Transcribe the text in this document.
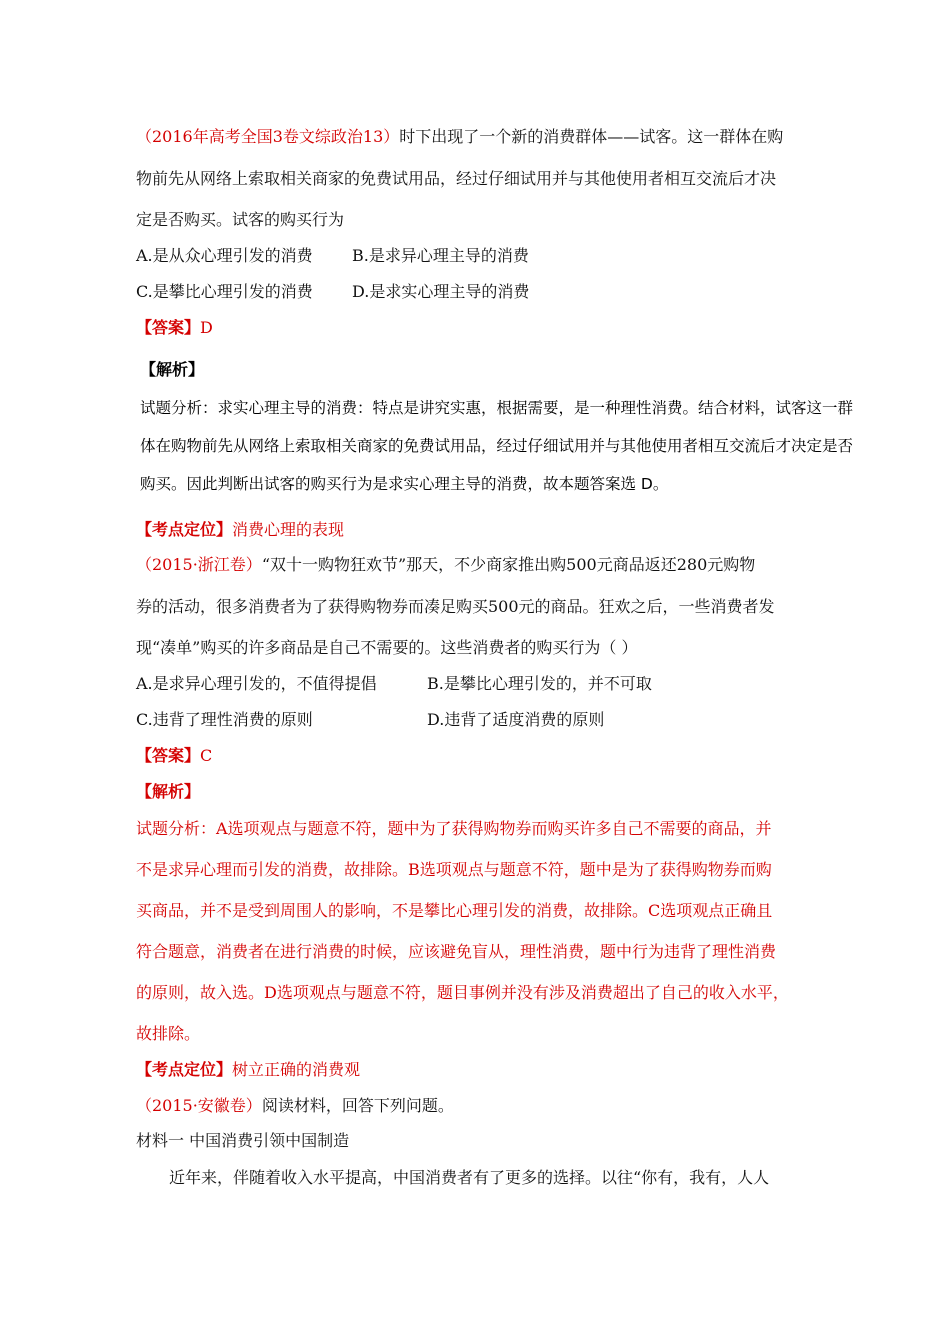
（2016年高考全国3卷文综政治13）时下出现了一个新的消费群体——试客。这一群体在购
物前先从网络上索取相关商家的免费试用品，经过仔细试用并与其他使用者相互交流后才决
定是否购买。试客的购买行为
A.是从众心理引发的消费 B.是求异心理主导的消费
C.是攀比心理引发的消费 D.是求实心理主导的消费
【答案】D
【解析】
试题分析：求实心理主导的消费：特点是讲究实惠，根据需要，是一种理性消费。结合材料，试客这一群
体在购物前先从网络上索取相关商家的免费试用品，经过仔细试用并与其他使用者相互交流后才决定是否
购买。因此判断出试客的购买行为是求实心理主导的消费，故本题答案选 D。
【考点定位】消费心理的表现
（2015·浙江卷）“双十一购物狂欢节”那天，不少商家推出购500元商品返还280元购物
券的活动，很多消费者为了获得购物券而凑足购买500元的商品。狂欢之后，一些消费者发
现“凑单”购买的许多商品是自己不需要的。这些消费者的购买行为（ ）
A.是求异心理引发的，不值得提倡	B.是攀比心理引发的，并不可取
C.违背了理性消费的原则	D.违背了适度消费的原则
【答案】C
【解析】
试题分析：A选项观点与题意不符，题中为了获得购物券而购买许多自己不需要的商品，并
不是求异心理而引发的消费，故排除。B选项观点与题意不符，题中是为了获得购物券而购
买商品，并不是受到周围人的影响，不是攀比心理引发的消费，故排除。C选项观点正确且
符合题意，消费者在进行消费的时候，应该避免盲从，理性消费，题中行为违背了理性消费
的原则，故入选。D选项观点与题意不符，题目事例并没有涉及消费超出了自己的收入水平，
故排除。
【考点定位】树立正确的消费观
（2015·安徽卷）阅读材料，回答下列问题。
材料一 中国消费引领中国制造
近年来，伴随着收入水平提高，中国消费者有了更多的选择。以往“你有，我有，人人
